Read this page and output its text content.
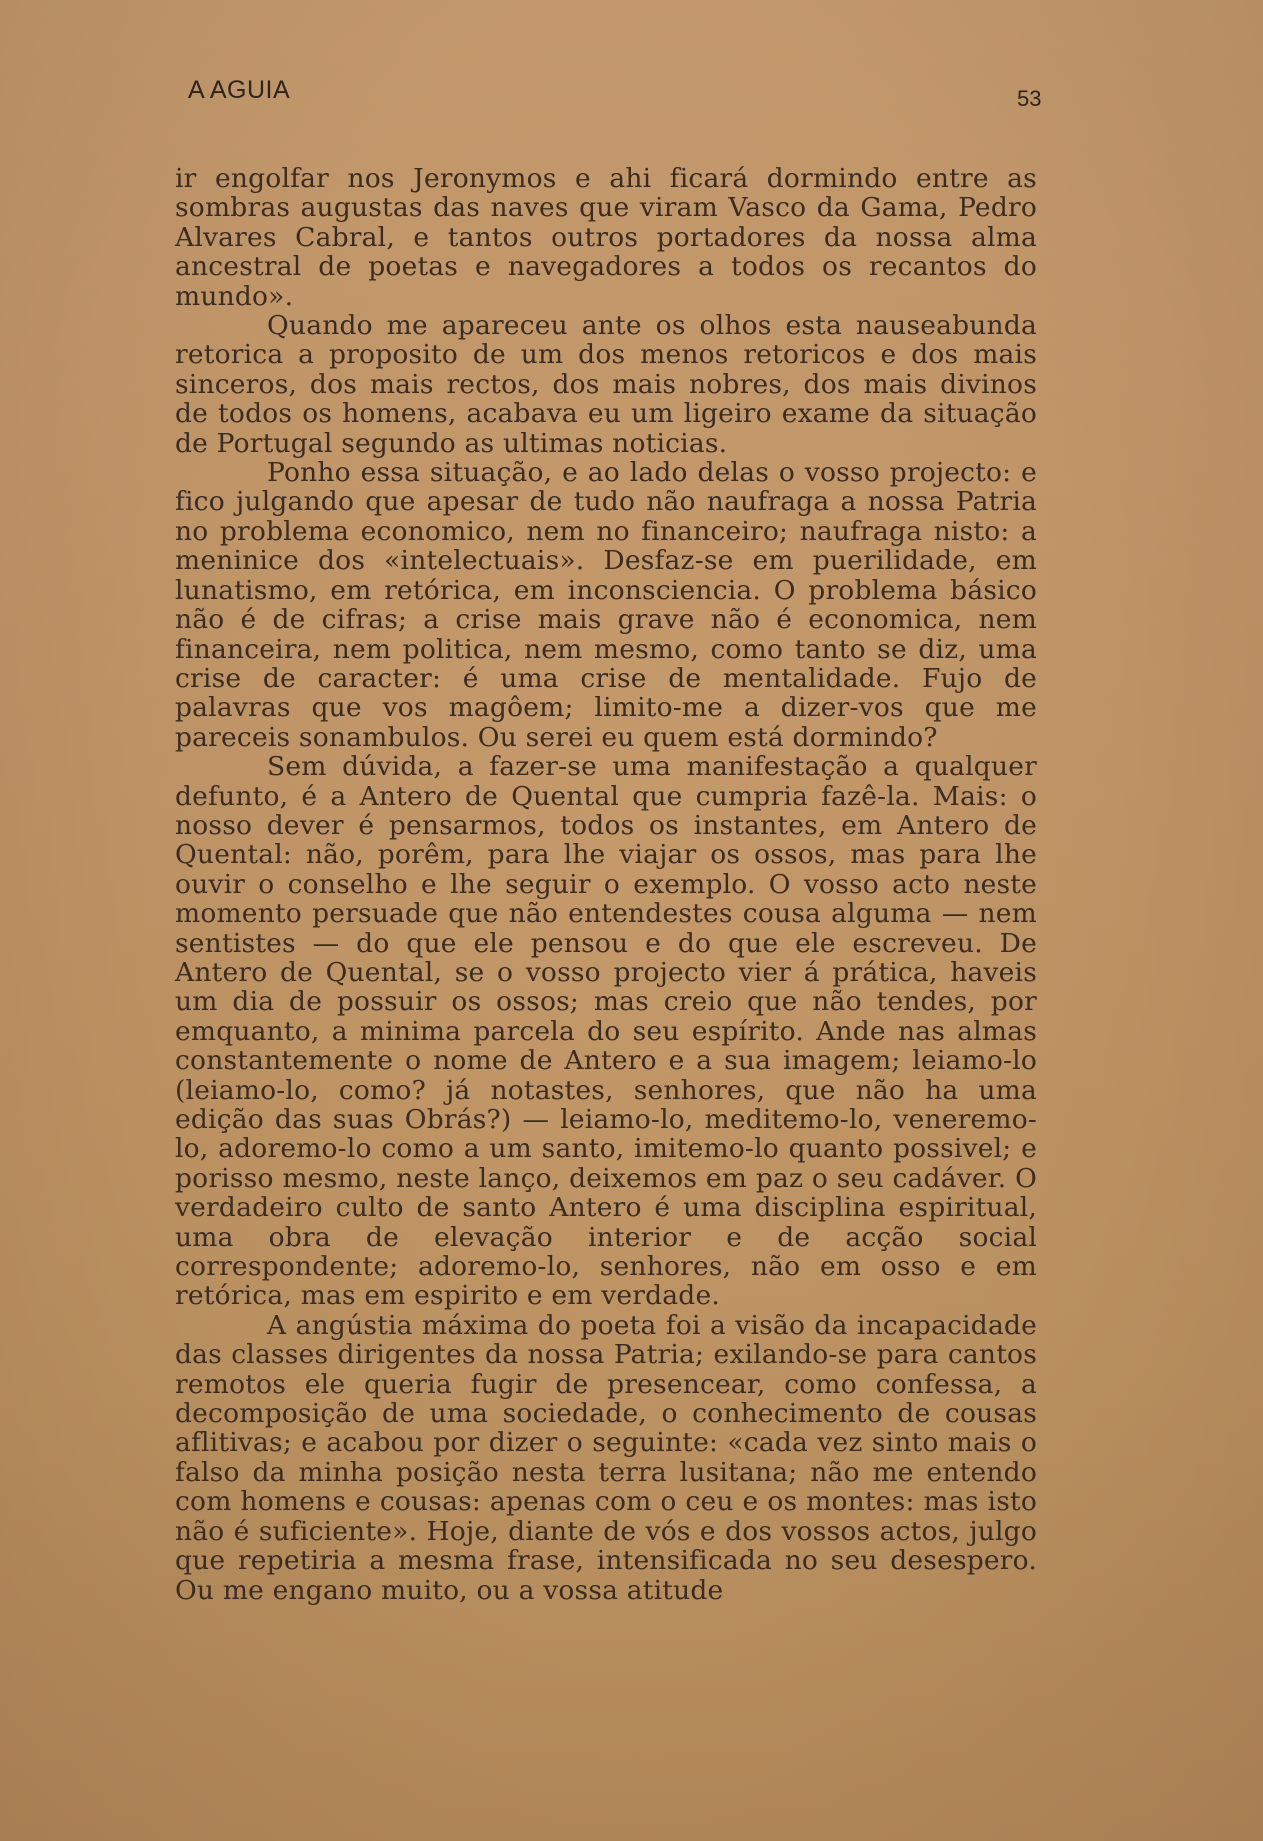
A AGUIA	53

ir engolfar nos Jeronymos e ahi ficará dormindo entre as sombras augustas das naves que viram Vasco da Gama, Pedro Alvares Cabral, e tantos outros portadores da nossa alma ancestral de poetas e navegadores a todos os recantos do mundo».

Quando me apareceu ante os olhos esta nauseabunda retorica a proposito de um dos menos retoricos e dos mais sinceros, dos mais rectos, dos mais nobres, dos mais divinos de todos os homens, acabava eu um ligeiro exame da situação de Portugal segundo as ultimas noticias.

Ponho essa situação, e ao lado delas o vosso projecto: e fico julgando que apesar de tudo não naufraga a nossa Patria no problema economico, nem no financeiro; naufraga nisto: a meninice dos «intelectuais». Desfaz-se em puerilidade, em lunatismo, em retórica, em inconsciencia. O problema básico não é de cifras; a crise mais grave não é economica, nem financeira, nem politica, nem mesmo, como tanto se diz, uma crise de caracter: é uma crise de mentalidade. Fujo de palavras que vos magôem; limito-me a dizer-vos que me pareceis sonambulos. Ou serei eu quem está dormindo?

Sem dúvida, a fazer-se uma manifestação a qualquer defunto, é a Antero de Quental que cumpria fazê-la. Mais: o nosso dever é pensarmos, todos os instantes, em Antero de Quental: não, porêm, para lhe viajar os ossos, mas para lhe ouvir o conselho e lhe seguir o exemplo. O vosso acto neste momento persuade que não entendestes cousa alguma — nem sentistes — do que ele pensou e do que ele escreveu. De Antero de Quental, se o vosso projecto vier á prática, haveis um dia de possuir os ossos; mas creio que não tendes, por emquanto, a minima parcela do seu espírito. Ande nas almas constantemente o nome de Antero e a sua imagem; leiamo-lo (leiamo-lo, como? já notastes, senhores, que não ha uma edição das suas Obrás?) — leiamo-lo, meditemo-lo, veneremo-lo, adoremo-lo como a um santo, imitemo-lo quanto possivel; e porisso mesmo, neste lanço, deixemos em paz o seu cadáver. O verdadeiro culto de santo Antero é uma disciplina espiritual, uma obra de elevação interior e de acção social correspondente; adoremo-lo, senhores, não em osso e em retórica, mas em espirito e em verdade.

A angústia máxima do poeta foi a visão da incapacidade das classes dirigentes da nossa Patria; exilando-se para cantos remotos ele queria fugir de presencear, como confessa, a decomposição de uma sociedade, o conhecimento de cousas aflitivas; e acabou por dizer o seguinte: «cada vez sinto mais o falso da minha posição nesta terra lusitana; não me entendo com homens e cousas: apenas com o ceu e os montes: mas isto não é suficiente». Hoje, diante de vós e dos vossos actos, julgo que repetiria a mesma frase, intensificada no seu desespero. Ou me engano muito, ou a vossa atitude
